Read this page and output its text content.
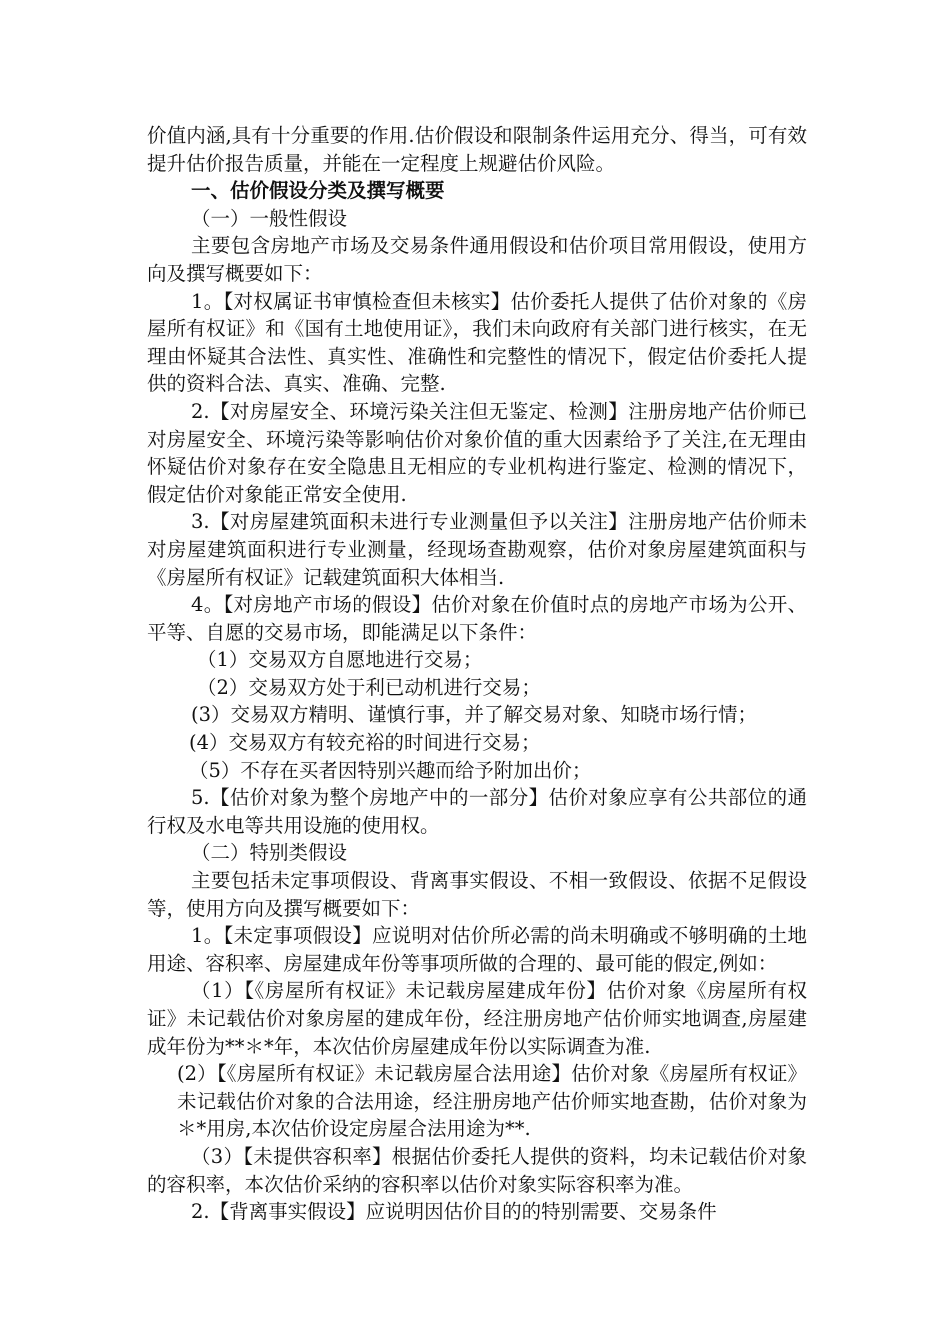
价值内涵,具有十分重要的作用.估价假设和限制条件运用充分、得当，可有效提升估价报告质量，并能在一定程度上规避估价风险。

一、估价假设分类及撰写概要

（一）一般性假设

主要包含房地产市场及交易条件通用假设和估价项目常用假设，使用方向及撰写概要如下：

1。【对权属证书审慎检查但未核实】估价委托人提供了估价对象的《房屋所有权证》和《国有土地使用证》，我们未向政府有关部门进行核实，在无理由怀疑其合法性、真实性、准确性和完整性的情况下，假定估价委托人提供的资料合法、真实、准确、完整.

2.【对房屋安全、环境污染关注但无鉴定、检测】注册房地产估价师已对房屋安全、环境污染等影响估价对象价值的重大因素给予了关注,在无理由怀疑估价对象存在安全隐患且无相应的专业机构进行鉴定、检测的情况下，假定估价对象能正常安全使用.

3.【对房屋建筑面积未进行专业测量但予以关注】注册房地产估价师未对房屋建筑面积进行专业测量，经现场查勘观察，估价对象房屋建筑面积与《房屋所有权证》记载建筑面积大体相当.

4。【对房地产市场的假设】估价对象在价值时点的房地产市场为公开、平等、自愿的交易市场，即能满足以下条件：

（1）交易双方自愿地进行交易；

（2）交易双方处于利已动机进行交易；

(3）交易双方精明、谨慎行事，并了解交易对象、知晓市场行情；

(4）交易双方有较充裕的时间进行交易；

（5）不存在买者因特别兴趣而给予附加出价；

5.【估价对象为整个房地产中的一部分】估价对象应享有公共部位的通行权及水电等共用设施的使用权。

（二）特别类假设

主要包括未定事项假设、背离事实假设、不相一致假设、依据不足假设等，使用方向及撰写概要如下：

1。【未定事项假设】应说明对估价所必需的尚未明确或不够明确的土地用途、容积率、房屋建成年份等事项所做的合理的、最可能的假定,例如：

（1）【《房屋所有权证》未记载房屋建成年份】估价对象《房屋所有权证》未记载估价对象房屋的建成年份，经注册房地产估价师实地调查,房屋建成年份为**＊*年，本次估价房屋建成年份以实际调查为准.

(2）【《房屋所有权证》未记载房屋合法用途】估价对象《房屋所有权证》未记载估价对象的合法用途，经注册房地产估价师实地查勘，估价对象为＊*用房,本次估价设定房屋合法用途为**.

（3）【未提供容积率】根据估价委托人提供的资料，均未记载估价对象的容积率，本次估价采纳的容积率以估价对象实际容积率为准。

2.【背离事实假设】应说明因估价目的的特别需要、交易条件
